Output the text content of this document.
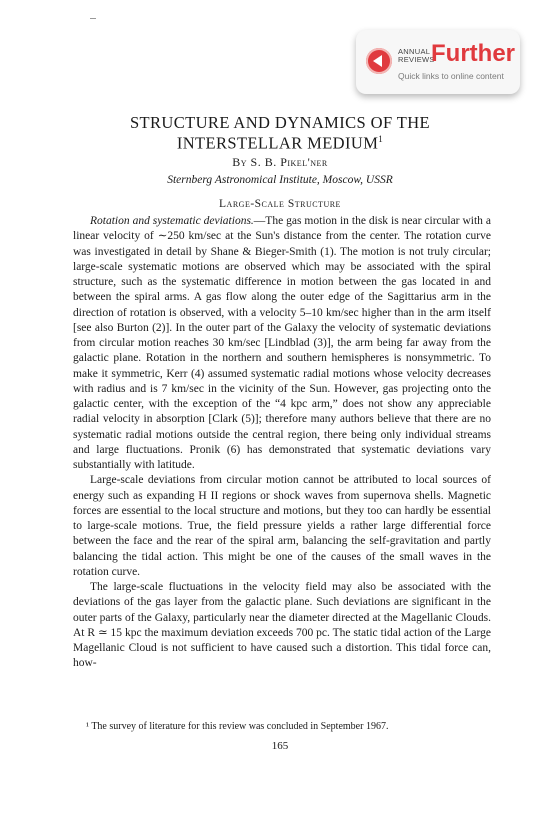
ANNUAL
REVIEWS
Further
Quick links to online content
STRUCTURE AND DYNAMICS OF THE
INTERSTELLAR MEDIUM$^1$
By S. B. Pikel'ner
Sternberg Astronomical Institute, Moscow, USSR
Large-Scale Structure

Rotation and systematic deviations.—The gas motion in the disk is near circular with a linear velocity of ∼250 km/sec at the Sun's distance from the center. The rotation curve was investigated in detail by Shane & Bieger-Smith (1). The motion is not truly circular; large-scale systematic motions are observed which may be associated with the spiral structure, such as the systematic difference in motion between the gas located in and between the spiral arms. A gas flow along the outer edge of the Sagittarius arm in the direction of rotation is observed, with a velocity 5–10 km/sec higher than in the arm itself [see also Burton (2)]. In the outer part of the Galaxy the velocity of systematic deviations from circular motion reaches 30 km/sec [Lindblad (3)], the arm being far away from the galactic plane. Rotation in the northern and southern hemispheres is nonsymmetric. To make it symmetric, Kerr (4) assumed systematic radial motions whose velocity decreases with radius and is 7 km/sec in the vicinity of the Sun. However, gas projecting onto the galactic center, with the exception of the “4 kpc arm,” does not show any appreciable radial velocity in absorption [Clark (5)]; therefore many authors believe that there are no systematic radial motions outside the central region, there being only individual streams and large fluctuations. Pronik (6) has demonstrated that systematic deviations vary substantially with latitude.

Large-scale deviations from circular motion cannot be attributed to local sources of energy such as expanding H II regions or shock waves from supernova shells. Magnetic forces are essential to the local structure and motions, but they too can hardly be essential to large-scale motions. True, the field pressure yields a rather large differential force between the face and the rear of the spiral arm, balancing the self-gravitation and partly balancing the tidal action. This might be one of the causes of the small waves in the rotation curve.

The large-scale fluctuations in the velocity field may also be associated with the deviations of the gas layer from the galactic plane. Such deviations are significant in the outer parts of the Galaxy, particularly near the diameter directed at the Magellanic Clouds. At R ≃ 15 kpc the maximum deviation exceeds 700 pc. The static tidal action of the Large Magellanic Cloud is not sufficient to have caused such a distortion. This tidal force can, how-

¹ The survey of literature for this review was concluded in September 1967.
165
